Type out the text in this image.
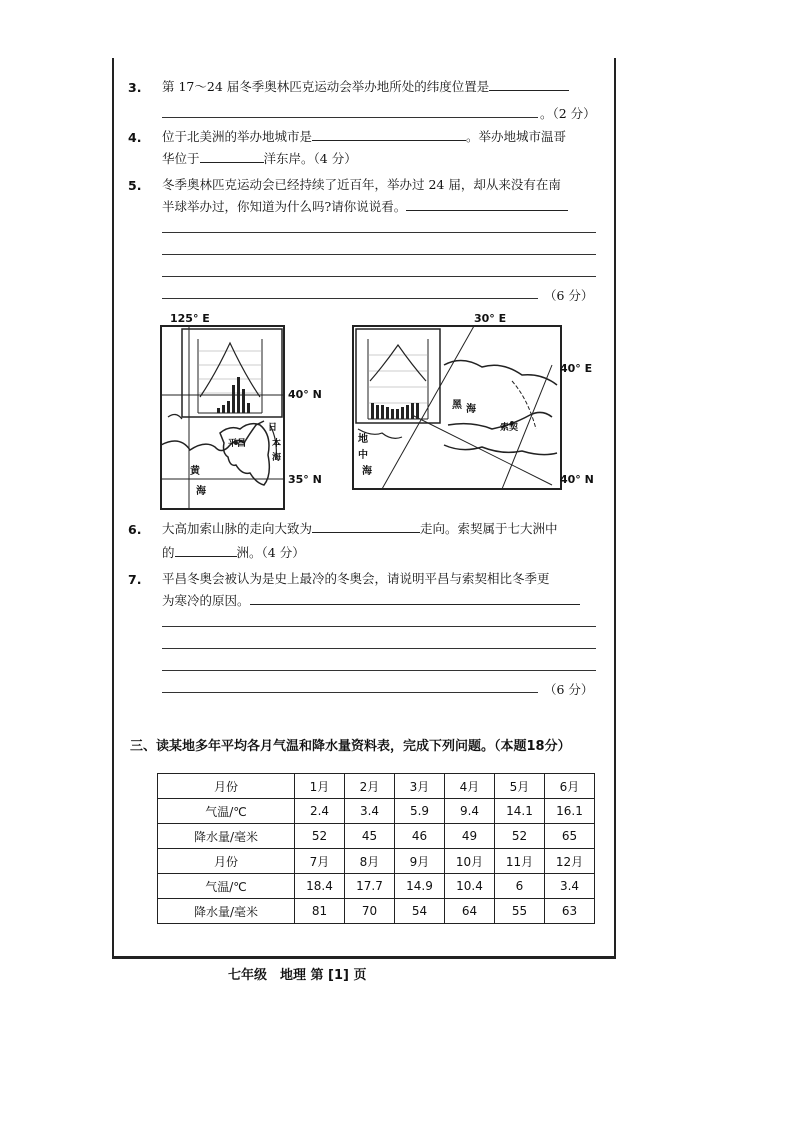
3. 第 17～24 届冬季奥林匹克运动会举办地所处的纬度位置是
。（2 分）
4. 位于北美洲的举办地城市是	。举办地城市温哥
华位于	洋东岸。（4 分）
5. 冬季奥林匹克运动会已经持续了近百年，举办过 24 届，却从来没有在南
半球举办过，你知道为什么吗?请你说说看。
（6 分）
125° E
黄
海
平昌
日
本
海
40° N
35° N
30° E
黑 海
索契
地
中
海
40° E
40° N
6. 大高加索山脉的走向大致为	走向。索契属于七大洲中
的	洲。（4 分）
7. 平昌冬奥会被认为是史上最冷的冬奥会，请说明平昌与索契相比冬季更
为寒冷的原因。
（6 分）
三、读某地多年平均各月气温和降水量资料表，完成下列问题。（本题18分）
月份	1月	2月	3月	4月	5月	6月
气温/℃	2.4	3.4	5.9	9.4	14.1	16.1
降水量/毫米	52	45	46	49	52	65
月份	7月	8月	9月	10月	11月	12月
气温/℃	18.4	17.7	14.9	10.4	6	3.4
降水量/毫米	81	70	54	64	55	63
七年级　地理 第 [1] 页
